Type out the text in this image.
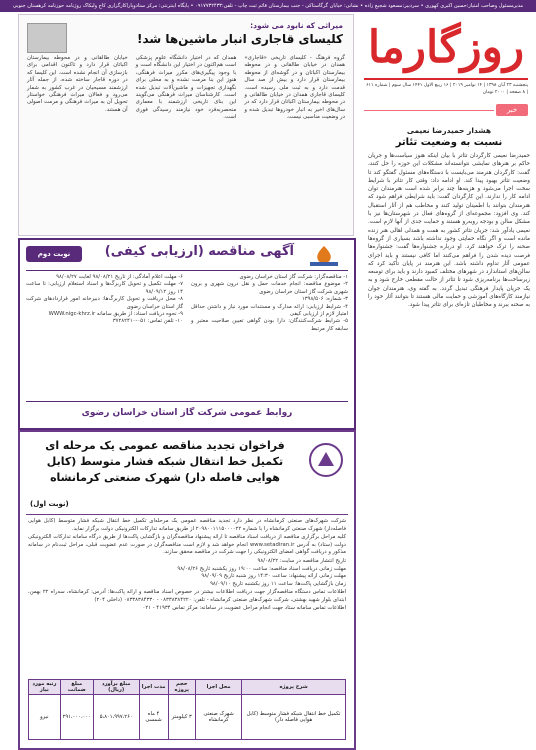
مدیرمسئول وصاحب امتیاز:حسین اکبری کهوری • سردبیر:مسعود شجیع زاده • نشانی: خیابان گرگاستاکی - جنب بیمارستان قائم ثبت چاپ - تلفن:۰۹۱۷۷۳۲۴۳۳ • پایگاه اینترنتی: مرکز ستادوپاراکارگزاری کاج ولیکاک روژنامه حوزنامه کرهستان جنوبی
روزگارما
پنجشنبه ۲۳ آبان ۱۳۹۸ | ۱۴ نوامبر ۲۰۱۹ | ۱۶ ربیع الاول ۱۴۴۱ سال سوم | شماره ۶۱۱ | ۸ صفحه | ۲۰۰۰ تومان
خبر
هشدار حمیدرضا نعیمی
نسبت به وضعیت تئاتر

حمیدرضا نعیمی کارگردان تئاتر با بیان اینکه هنوز سیاست‌ها و جریان حاکم بر هنرهای نمایشی نتوانسته‌اند مشکلات این حوزه را حل کنند، گفت: کارگردان هنرمند می‌بایست با دستگاه‌های مسئول گفتگو کند تا وضعیت تئاتر بهبود پیدا کند. او ادامه داد: وقتی کار تئاتر با شرایط سخت اجرا می‌شود و هزینه‌ها چند برابر شده است هنرمندان توان ادامه کار را ندارند. این کارگردان گفت: باید شرایطی فراهم شود که هنرمندان بتوانند با اطمینان تولید کنند و مخاطب هم از آثار استقبال کند. وی افزود: مجموعه‌ای از گروه‌های فعال در شهرستان‌ها نیز با مشکل سالن و بودجه روبه‌رو هستند و حمایت جدی از آنها لازم است. نعیمی یادآور شد: جریان تئاتر کشور به همت و همدلی اهالی هنر زنده مانده است و اگر نگاه حمایتی وجود نداشته باشد بسیاری از گروه‌ها صحنه را ترک خواهند کرد. او درباره جشنواره‌ها گفت: جشنواره‌ها فرصت دیده شدن را فراهم می‌کنند اما کافی نیستند و باید اجرای عمومی آثار تداوم داشته باشد. این هنرمند در پایان تأکید کرد که سالن‌های استاندارد در شهرهای مختلف کمبود دارند و باید برای توسعه زیرساخت‌ها برنامه‌ریزی شود تا تئاتر از حالت مقطعی خارج شود و به یک جریان پایدار فرهنگی تبدیل گردد. به گفته وی، هنرمندان جوان نیازمند کارگاه‌های آموزشی و حمایت مالی هستند تا بتوانند آثار خود را به صحنه ببرند و مخاطبان تازه‌ای برای تئاتر پیدا شود.

میراثی که نابود می شود:
کلیسای قاجاری انبار ماشین‌ها شد!

گروه فرهنگ - کلیسای تاریخی «قاجاری» همدان در خیابان طالقانی و در محوطه بیمارستان اکباتان و در گوشه‌ای از محوطه بیمارستان قرار دارد و بیش از صد سال قدمت دارد و به ثبت ملی رسیده است. کلیسای قاجاری همدان در خیابان طالقانی و در محوطه بیمارستان اکباتان قرار دارد که در سال‌های اخیر به انبار خودروها تبدیل شده و در وضعیت مناسبی نیست.

همدان که در اختیار دانشگاه علوم پزشکی است هم‌اکنون در اختیار این دانشگاه است و با وجود پیگیری‌های مکرر میراث فرهنگی، هنوز این بنا مرمت نشده و به محلی برای نگهداری تجهیزات و ماشین‌آلات تبدیل شده است. کارشناسان میراث فرهنگی می‌گویند این بنای تاریخی ارزشمند با معماری منحصربه‌فرد خود نیازمند رسیدگی فوری است.

خیابان طالقانی و در محوطه بیمارستان اکباتان قرار دارد و تاکنون اقدامی برای بازسازی آن انجام نشده است. این کلیسا که در دوره قاجار ساخته شده، از جمله آثار ارزشمند مسیحیان در غرب کشور به شمار می‌رود و فعالان میراث فرهنگی خواستار تحویل آن به میراث فرهنگی و مرمت اصولی آن هستند.

نوبت دوم	آگهی مناقصه (ارزیابی کیفی)
۱- مناقصه‌گزار: شرکت گاز استان خراسان رضوی
۲- موضوع مناقصه: انجام خدمات حمل و نقل درون شهری و برون شهری شرکت گاز استان خراسان رضوی
۳- شماره: ۱۳۹۸/۵۰۶
۴- شرایط ارزیابی: ارائه مدارک و مستندات مورد نیاز و داشتن حداقل امتیاز لازم از ارزیابی کیفی
۵- شرایط شرکت‌کنندگان: دارا بودن گواهی تعیین صلاحیت معتبر و سابقه کار مرتبط
۶- مهلت اعلام آمادگی: از تاریخ ۹۸/۰۸/۲۱ لغایت ۹۸/۰۸/۲۷
۷- مهلت تکمیل و تحویل کاربرگ‌ها و اسناد استعلام ارزیابی: تا ساعت ۱۴ روز ۹۸/۰۹/۱۲
۸- محل دریافت و تحویل کاربرگ‌ها: دبیرخانه امور قراردادهای شرکت گاز استان خراسان رضوی
۹- نحوه دریافت اسناد: از طریق سامانه WWW.nigc-khrz.ir
۱۰- تلفن تماس: ۰۵۱-۳۷۲۸۲۴۱۰
روابط عمومی شرکت گاز استان خراسان رضوی
فراخوان تجدید مناقصه عمومی یک مرحله ای تکمیل خط انتقال شبکه فشار متوسط (کابل هوایی فاصله دار) شهرک صنعتی کرمانشاه
(نوبت اول)

شرکت شهرک‌های صنعتی کرمانشاه در نظر دارد تجدید مناقصه عمومی یک مرحله‌ای تکمیل خط انتقال شبکه فشار متوسط (کابل هوایی فاصله‌دار) شهرک صنعتی کرمانشاه را با شماره ۲۰۹۸۰۰۱۱۱۵۰۰۰۰۲۲ از طریق سامانه تدارکات الکترونیکی دولت برگزار نماید.

کلیه مراحل برگزاری مناقصه از دریافت اسناد مناقصه تا ارائه پیشنهاد مناقصه‌گران و بازگشایی پاکت‌ها از طریق درگاه سامانه تدارکات الکترونیکی دولت (ستاد) به آدرس www.setadiran.ir انجام خواهد شد و لازم است مناقصه‌گران در صورت عدم عضویت قبلی، مراحل ثبت‌نام در سامانه مذکور و دریافت گواهی امضای الکترونیکی را جهت شرکت در مناقصه محقق سازند.

تاریخ انتشار مناقصه در سایت: ۹۸/۰۸/۲۲
مهلت زمانی دریافت اسناد مناقصه: ساعت ۱۹:۰۰ روز یکشنبه تاریخ ۹۸/۰۸/۲۶
مهلت زمانی ارائه پیشنهاد: ساعت ۱۴:۳۰ روز شنبه تاریخ ۹۸/۰۹/۰۹
زمان بازگشایی پاکت‌ها: ساعت ۱۱ روز یکشنبه تاریخ ۹۸/۰۹/۱۰

اطلاعات تماس دستگاه مناقصه‌گزار جهت دریافت اطلاعات بیشتر در خصوص اسناد مناقصه و ارائه پاکت‌ها: آدرس: کرمانشاه، سه‌راه ۲۲ بهمن، ابتدای بلوار شهید بهشتی، شرکت شهرک‌های صنعتی کرمانشاه - تلفن: ۰۸۳۳۸۳۸۴۲۲۰ - ۰۸۳۳۸۳۸۴۳۳۰ (داخلی ۲۰۴)
اطلاعات تماس سامانه ستاد جهت انجام مراحل عضویت در سامانه: مرکز تماس ۴۱۹۳۴ - ۰۲۱

شرح پروژه	محل اجرا	حجم پروژه	مدت اجرا	مبلغ برآورد (ریال)	مبلغ ضمانت	رتبه مورد نیاز
تکمیل خط انتقال شبکه فشار متوسط (کابل هوایی فاصله دار)	شهرک صنعتی کرمانشاه	۳ کیلومتر	۴ ماه شمسی	۵،۸۰۱،۹۹۷،۲۶۰	۲۹۱،۰۰۰،۰۰۰	نیرو
